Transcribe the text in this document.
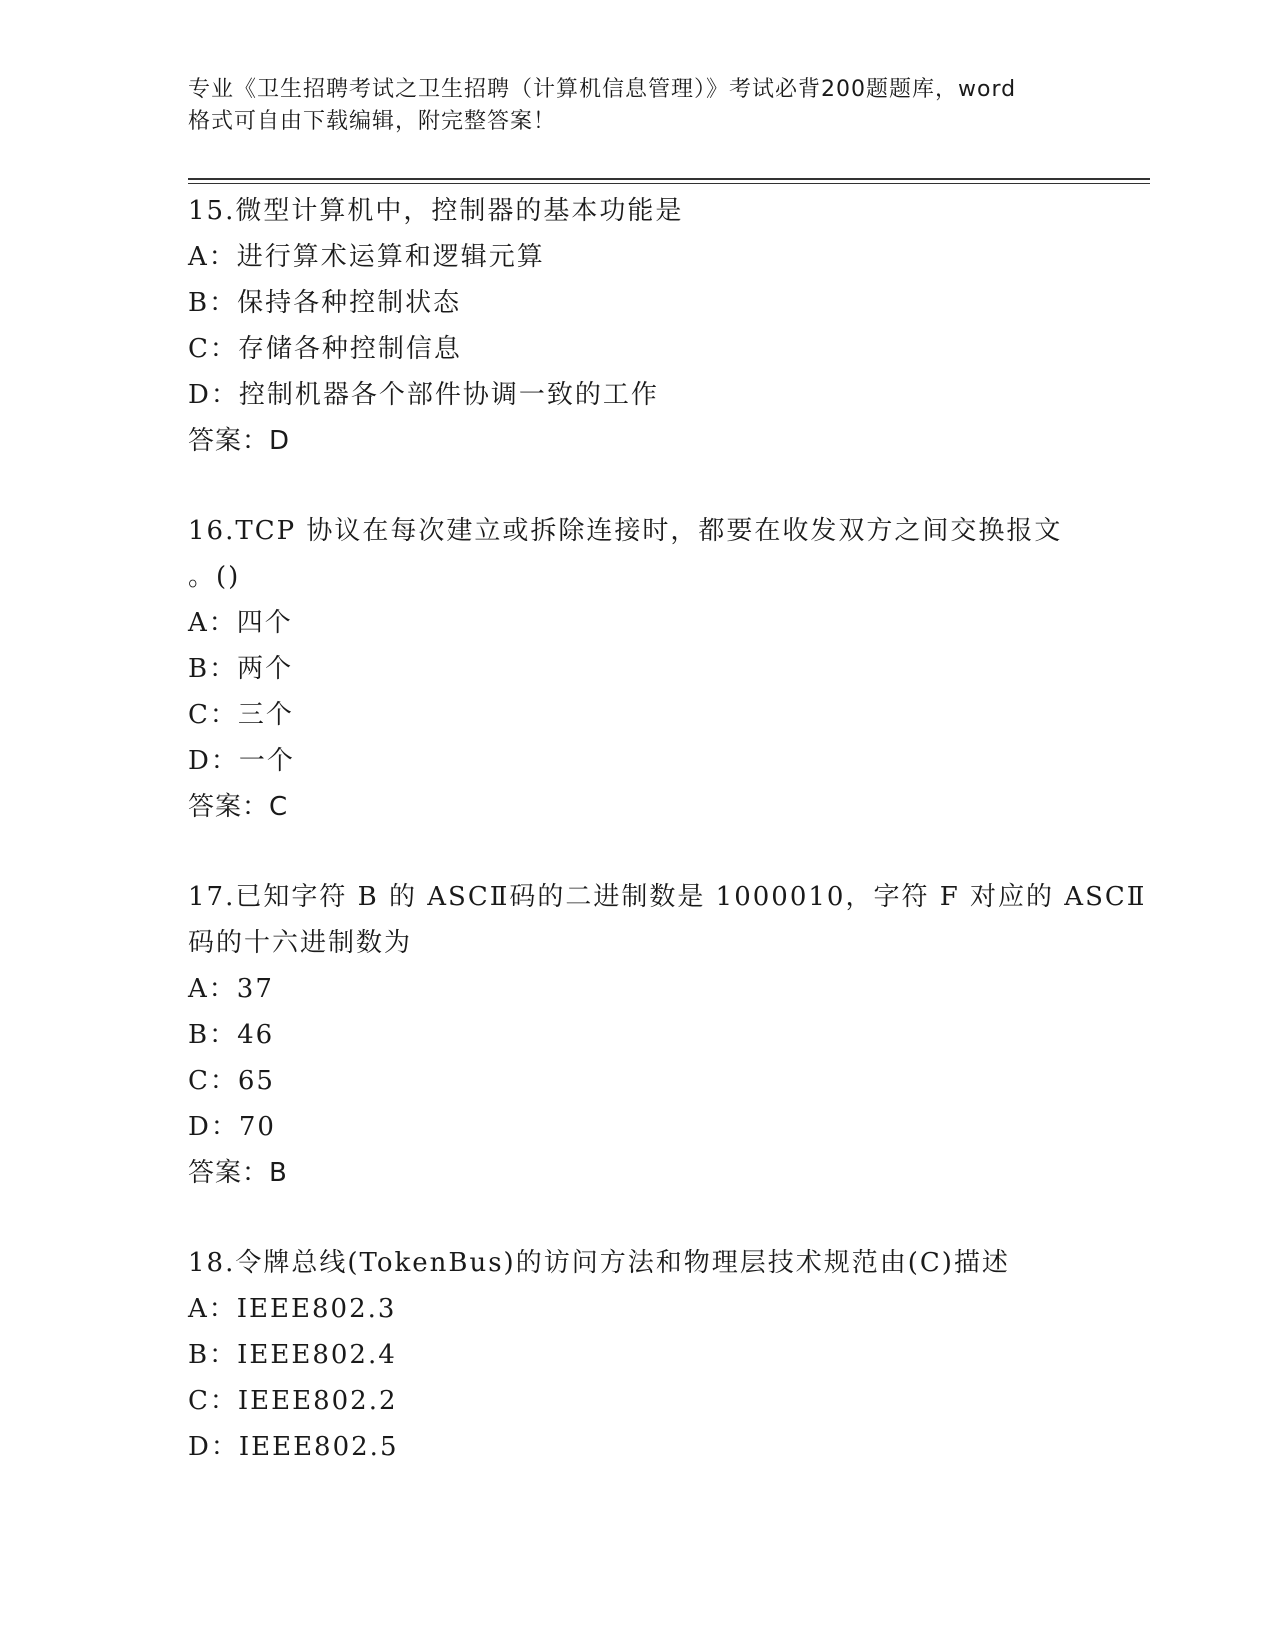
专业《卫生招聘考试之卫生招聘（计算机信息管理）》考试必背200题题库，word
格式可自由下载编辑，附完整答案！
15.微型计算机中，控制器的基本功能是
A：进行算术运算和逻辑元算
B：保持各种控制状态
C：存储各种控制信息
D：控制机器各个部件协调一致的工作
答案：D
16.TCP 协议在每次建立或拆除连接时，都要在收发双方之间交换报文
。()
A：四个
B：两个
C：三个
D：一个
答案：C
17.已知字符 B 的 ASCⅡ码的二进制数是 1000010，字符 F 对应的 ASCⅡ
码的十六进制数为
A：37
B：46
C：65
D：70
答案：B
18.令牌总线(TokenBus)的访问方法和物理层技术规范由(C)描述
A：IEEE802.3
B：IEEE802.4
C：IEEE802.2
D：IEEE802.5
